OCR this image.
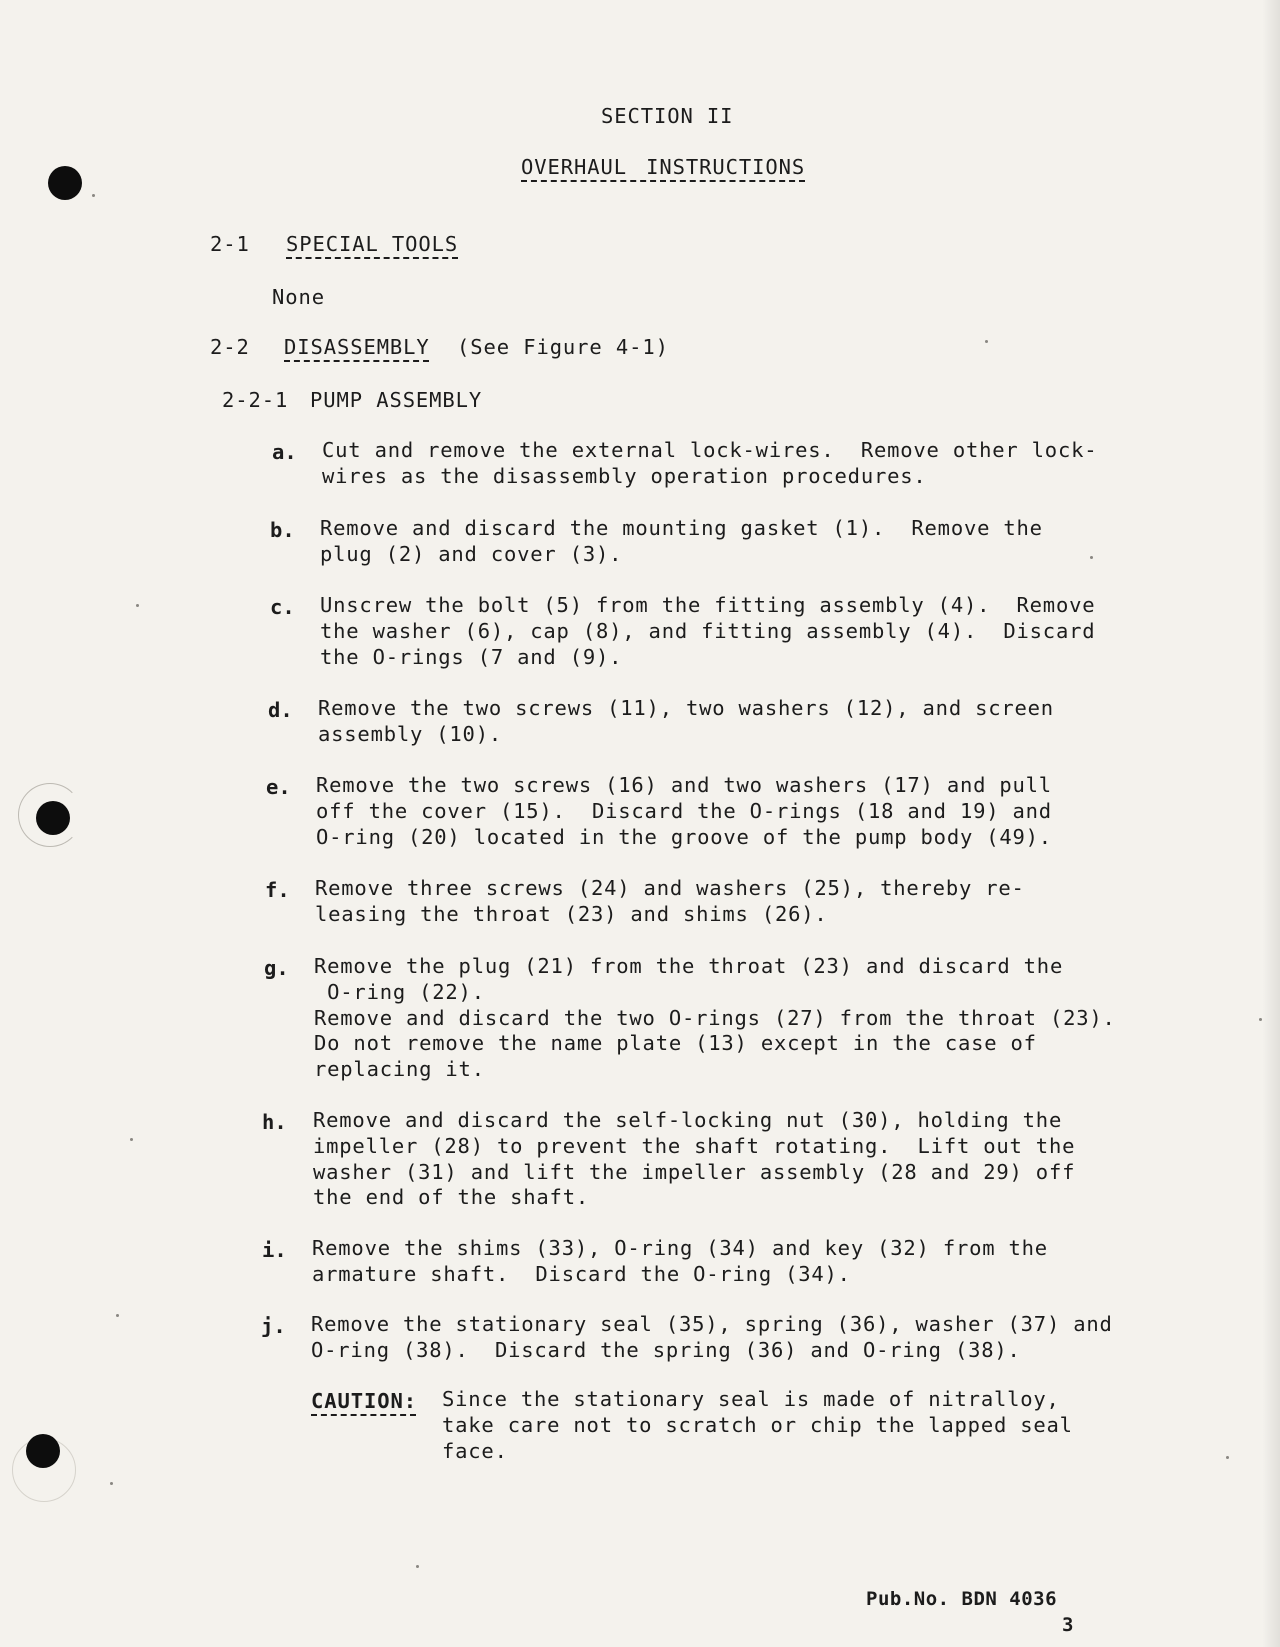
SECTION II
OVERHAUL INSTRUCTIONS
2-1 SPECIAL TOOLS
None
2-2 DISASSEMBLY (See Figure 4-1)
2-2-1 PUMP ASSEMBLY
a. Cut and remove the external lock-wires.  Remove other lock-
wires as the disassembly operation procedures.
b. Remove and discard the mounting gasket (1).  Remove the
plug (2) and cover (3).
c. Unscrew the bolt (5) from the fitting assembly (4).  Remove
the washer (6), cap (8), and fitting assembly (4).  Discard
the O-rings (7 and (9).
d. Remove the two screws (11), two washers (12), and screen
assembly (10).
e. Remove the two screws (16) and two washers (17) and pull
off the cover (15).  Discard the O-rings (18 and 19) and
O-ring (20) located in the groove of the pump body (49).
f. Remove three screws (24) and washers (25), thereby re-
leasing the throat (23) and shims (26).
g. Remove the plug (21) from the throat (23) and discard the
O-ring (22).
Remove and discard the two O-rings (27) from the throat (23).
Do not remove the name plate (13) except in the case of
replacing it.
h. Remove and discard the self-locking nut (30), holding the
impeller (28) to prevent the shaft rotating.  Lift out the
washer (31) and lift the impeller assembly (28 and 29) off
the end of the shaft.
i. Remove the shims (33), O-ring (34) and key (32) from the
armature shaft.  Discard the O-ring (34).
j. Remove the stationary seal (35), spring (36), washer (37) and
O-ring (38).  Discard the spring (36) and O-ring (38).
CAUTION: Since the stationary seal is made of nitralloy,
take care not to scratch or chip the lapped seal
face.
Pub.No. BDN 4036
3
